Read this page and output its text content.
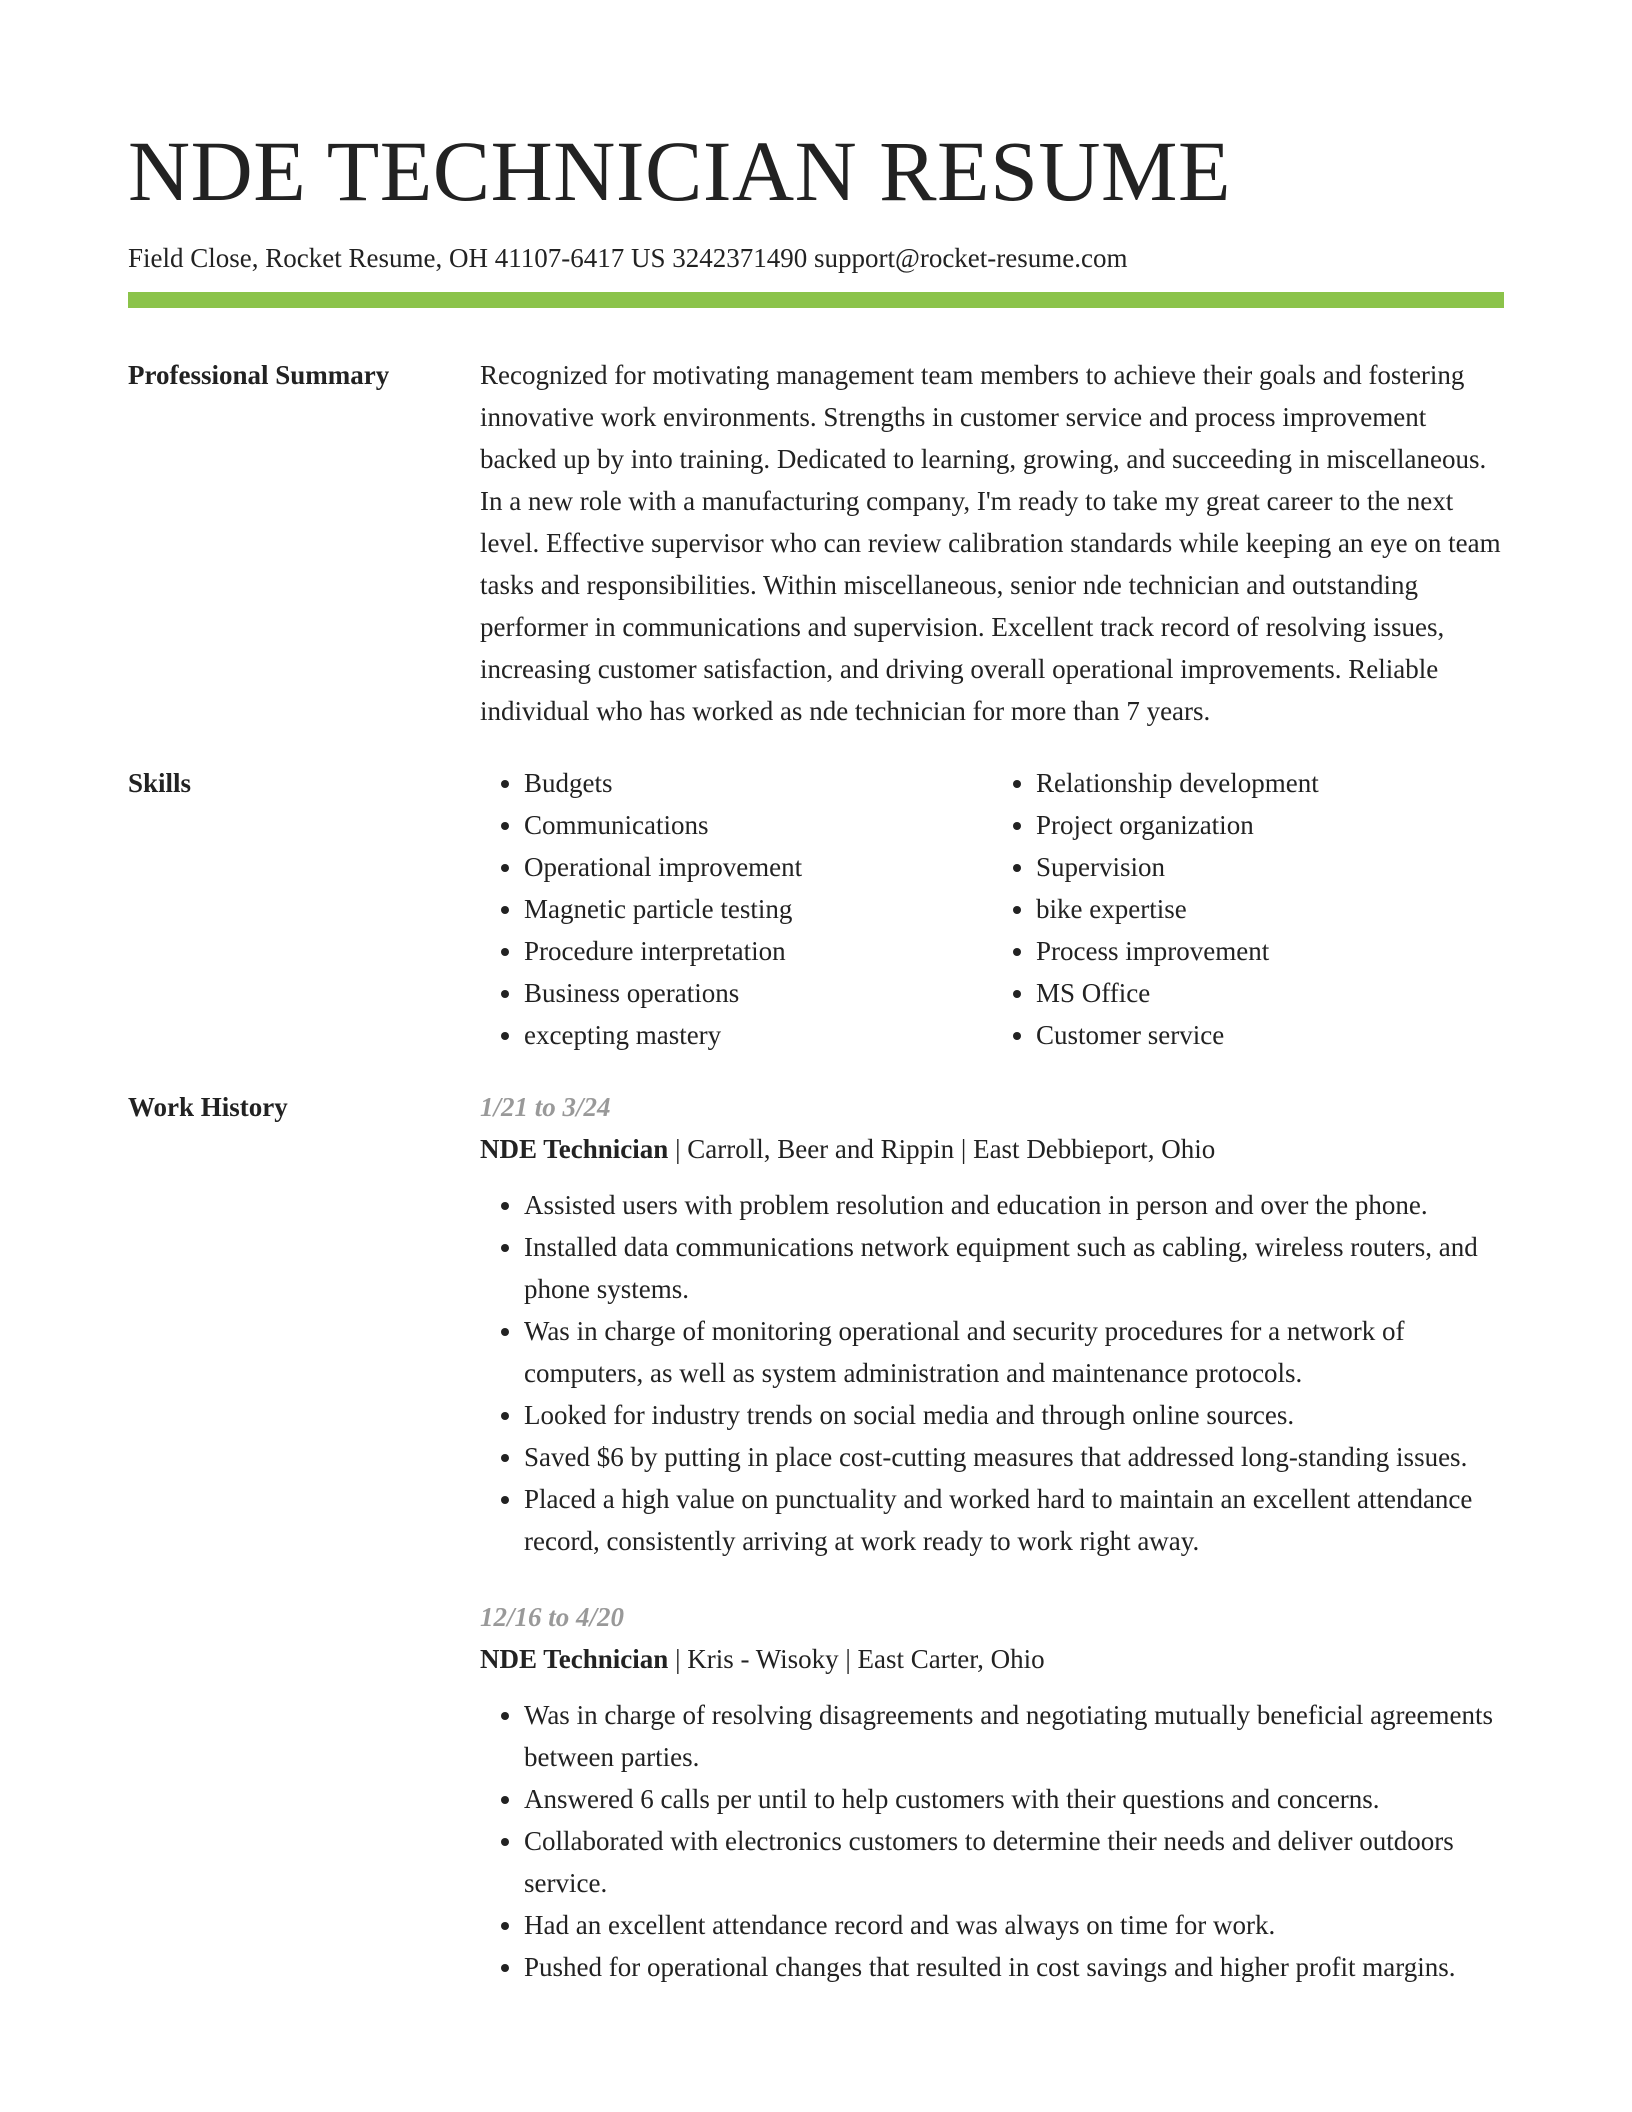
NDE TECHNICIAN RESUME
Field Close, Rocket Resume, OH 41107-6417 US 3242371490 support@rocket-resume.com
Professional Summary	Recognized for motivating management team members to achieve their goals and fostering innovative work environments. Strengths in customer service and process improvement backed up by into training. Dedicated to learning, growing, and succeeding in miscellaneous. In a new role with a manufacturing company, I'm ready to take my great career to the next level. Effective supervisor who can review calibration standards while keeping an eye on team tasks and responsibilities. Within miscellaneous, senior nde technician and outstanding performer in communications and supervision. Excellent track record of resolving issues, increasing customer satisfaction, and driving overall operational improvements. Reliable individual who has worked as nde technician for more than 7 years.

Skills
•	Budgets
• Communications
• Operational improvement
• Magnetic particle testing
• Procedure interpretation
• Business operations
• excepting mastery
• Relationship development
• Project organization
• Supervision
• bike expertise
• Process improvement
• MS Office
• Customer service
Work History	1/21 to 3/24
NDE Technician | Carroll, Beer and Rippin | East Debbieport, Ohio
• Assisted users with problem resolution and education in person and over the phone.
• Installed data communications network equipment such as cabling, wireless routers, and phone systems.
• Was in charge of monitoring operational and security procedures for a network of computers, as well as system administration and maintenance protocols.
• Looked for industry trends on social media and through online sources.
• Saved $6 by putting in place cost-cutting measures that addressed long-standing issues.
• Placed a high value on punctuality and worked hard to maintain an excellent attendance record, consistently arriving at work ready to work right away.
12/16 to 4/20
NDE Technician | Kris - Wisoky | East Carter, Ohio
• Was in charge of resolving disagreements and negotiating mutually beneficial agreements between parties.
• Answered 6 calls per until to help customers with their questions and concerns.
• Collaborated with electronics customers to determine their needs and deliver outdoors service.
• Had an excellent attendance record and was always on time for work.
• Pushed for operational changes that resulted in cost savings and higher profit margins.
